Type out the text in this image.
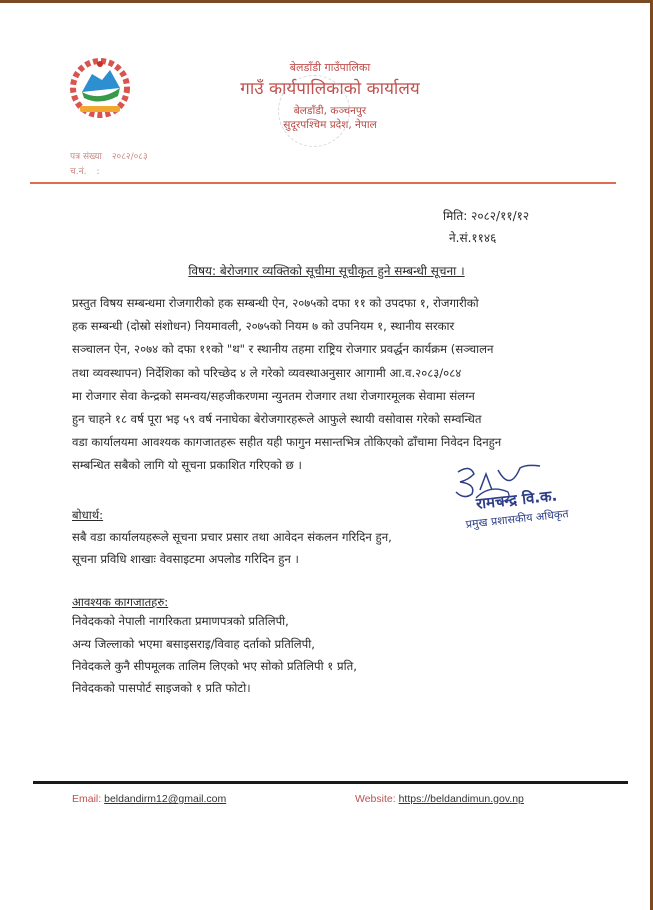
बेलडाँडी गाउँपालिका
गाउँ कार्यपालिकाको कार्यालय
बेलडाँडी, कञ्चनपुर
सुदूरपश्चिम प्रदेश, नेपाल
पत्र संख्या २०८२/०८३
च.नं. :
मिति: २०८२/११/१२
ने.सं.११४६
विषय: बेरोजगार व्यक्तिको सूचीमा सूचीकृत हुने सम्बन्धी सूचना ।
प्रस्तुत विषय सम्बन्धमा रोजगारीको हक सम्बन्धी ऐन, २०७५को दफा ११ को उपदफा १, रोजगारीको
हक सम्बन्धी (दोस्रो संशोधन) नियमावली, २०७५को नियम ७ को उपनियम १, स्थानीय सरकार
सञ्चालन ऐन, २०७४ को दफा ११को "थ" र स्थानीय तहमा राष्ट्रिय रोजगार प्रवर्द्धन कार्यक्रम (सञ्चालन
तथा व्यवस्थापन) निर्देशिका को परिच्छेद ४ ले गरेको व्यवस्थाअनुसार आगामी आ.व.२०८३/०८४
मा रोजगार सेवा केन्द्रको समन्वय/सहजीकरणमा न्युनतम रोजगार तथा रोजगारमूलक सेवामा संलग्न
हुन चाहने १८ वर्ष पूरा भइ ५९ वर्ष ननाघेका बेरोजगारहरूले आफुले स्थायी वसोवास गरेको सम्वन्धित
वडा कार्यालयमा आवश्यक कागजातहरू सहीत यही फागुन मसान्तभित्र तोकिएको ढाँचामा निवेदन दिनहुन
सम्बन्धित सबैको लागि यो सूचना प्रकाशित गरिएको छ ।
रामचन्द्र वि.क.
प्रमुख प्रशासकीय अधिकृत
बोधार्थ:
सबै वडा कार्यालयहरूले सूचना प्रचार प्रसार तथा आवेदन संकलन गरिदिन हुन,
सूचना प्रविधि शाखाः वेवसाइटमा अपलोड गरिदिन हुन ।
आवश्यक कागजातहरु:
निवेदकको नेपाली नागरिकता प्रमाणपत्रको प्रतिलिपी,
अन्य जिल्लाको भएमा बसाइसराइ/विवाह दर्ताको प्रतिलिपी,
निवेदकले कुनै सीपमूलक तालिम लिएको भए सोको प्रतिलिपी १ प्रति,
निवेदकको पासपोर्ट साइजको १ प्रति फोटो।
Email: beldandirm12@gmail.com	Website: https://beldandimun.gov.np
